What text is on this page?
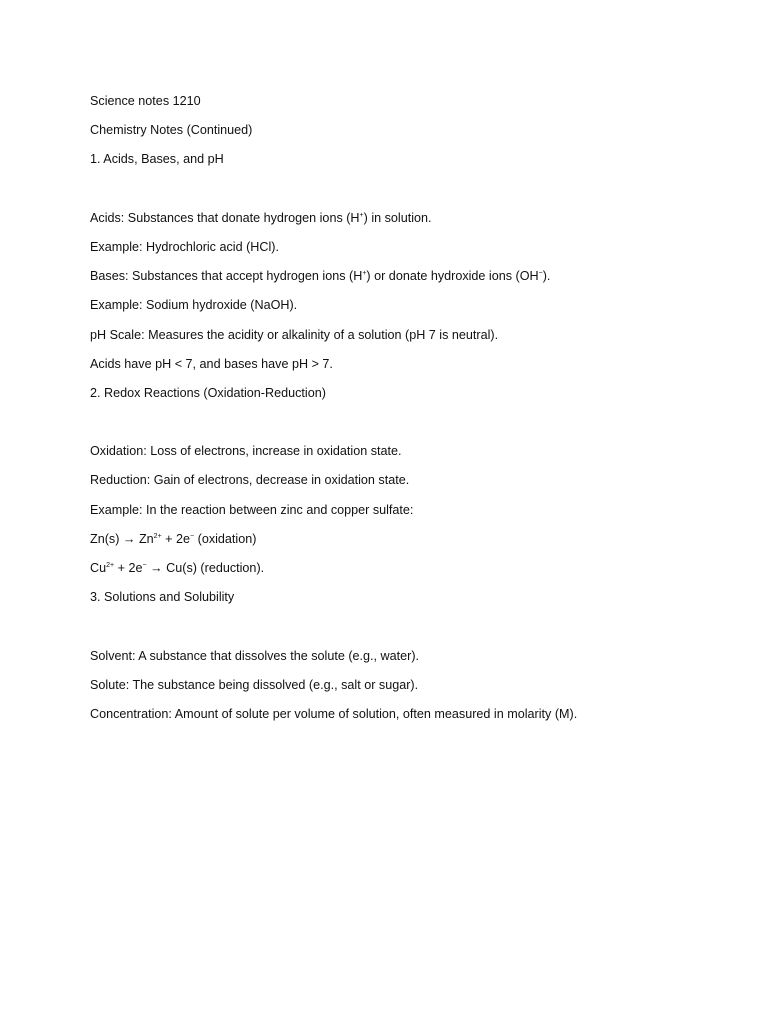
Science notes 1210
Chemistry Notes (Continued)
1. Acids, Bases, and pH
Acids: Substances that donate hydrogen ions (H+) in solution.
Example: Hydrochloric acid (HCl).
Bases: Substances that accept hydrogen ions (H+) or donate hydroxide ions (OH−).
Example: Sodium hydroxide (NaOH).
pH Scale: Measures the acidity or alkalinity of a solution (pH 7 is neutral).
Acids have pH < 7, and bases have pH > 7.
2. Redox Reactions (Oxidation-Reduction)
Oxidation: Loss of electrons, increase in oxidation state.
Reduction: Gain of electrons, decrease in oxidation state.
Example: In the reaction between zinc and copper sulfate:
$Zn(s) \to Zn^{2+} + 2e^-$ (oxidation)
$Cu^{2+} + 2e^- \to Cu(s)$ (reduction).
3. Solutions and Solubility
Solvent: A substance that dissolves the solute (e.g., water).
Solute: The substance being dissolved (e.g., salt or sugar).
Concentration: Amount of solute per volume of solution, often measured in molarity (M).
